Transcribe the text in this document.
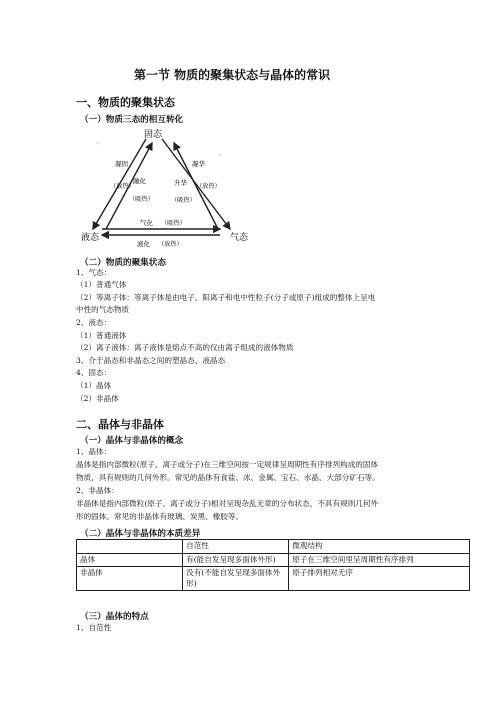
第一节 物质的聚集状态与晶体的常识
一、物质的聚集状态
（一）物质三态的相互转化
固态
液态	气态
凝固
（放热）
融化
（吸热）
凝华
（放热）
升华
（吸热）
气化 （吸热）
液化 （放热）
（二）物质的聚集状态
1、气态：
（1）普通气体
（2）等离子体：等离子体是由电子、阳离子和电中性粒子(分子或原子)组成的整体上呈电
中性的气态物质
2、液态：
（1）普通液体
（2）离子液体：离子液体是熔点不高的仅由离子组成的液体物质
3、介于晶态和非晶态之间的塑晶态、液晶态
4、固态：
（1）晶体
（2）非晶体
二、晶体与非晶体
（一）晶体与非晶体的概念
1、晶体：
晶体是指内部微粒(原子、离子或分子)在三维空间按一定规律呈周期性有序排列构成的固体
物质，具有规则的几何外形。常见的晶体有食盐、冰、金属、宝石、水晶、大部分矿石等。
2、非晶体：
非晶体是指内部微粒(原子、离子或分子)相对呈现杂乱无章的分布状态，不具有规则几何外
形的固体。常见的非晶体有玻璃、炭黑、橡胶等。
（二）晶体与非晶体的本质差异
	自范性	微观结构
晶体	有(能自发呈现多面体外形)	原子在三维空间里呈周期性有序排列
非晶体	没有(不能自发呈现多面体外形)	原子排列相对无序
（三）晶体的特点
1、自范性
